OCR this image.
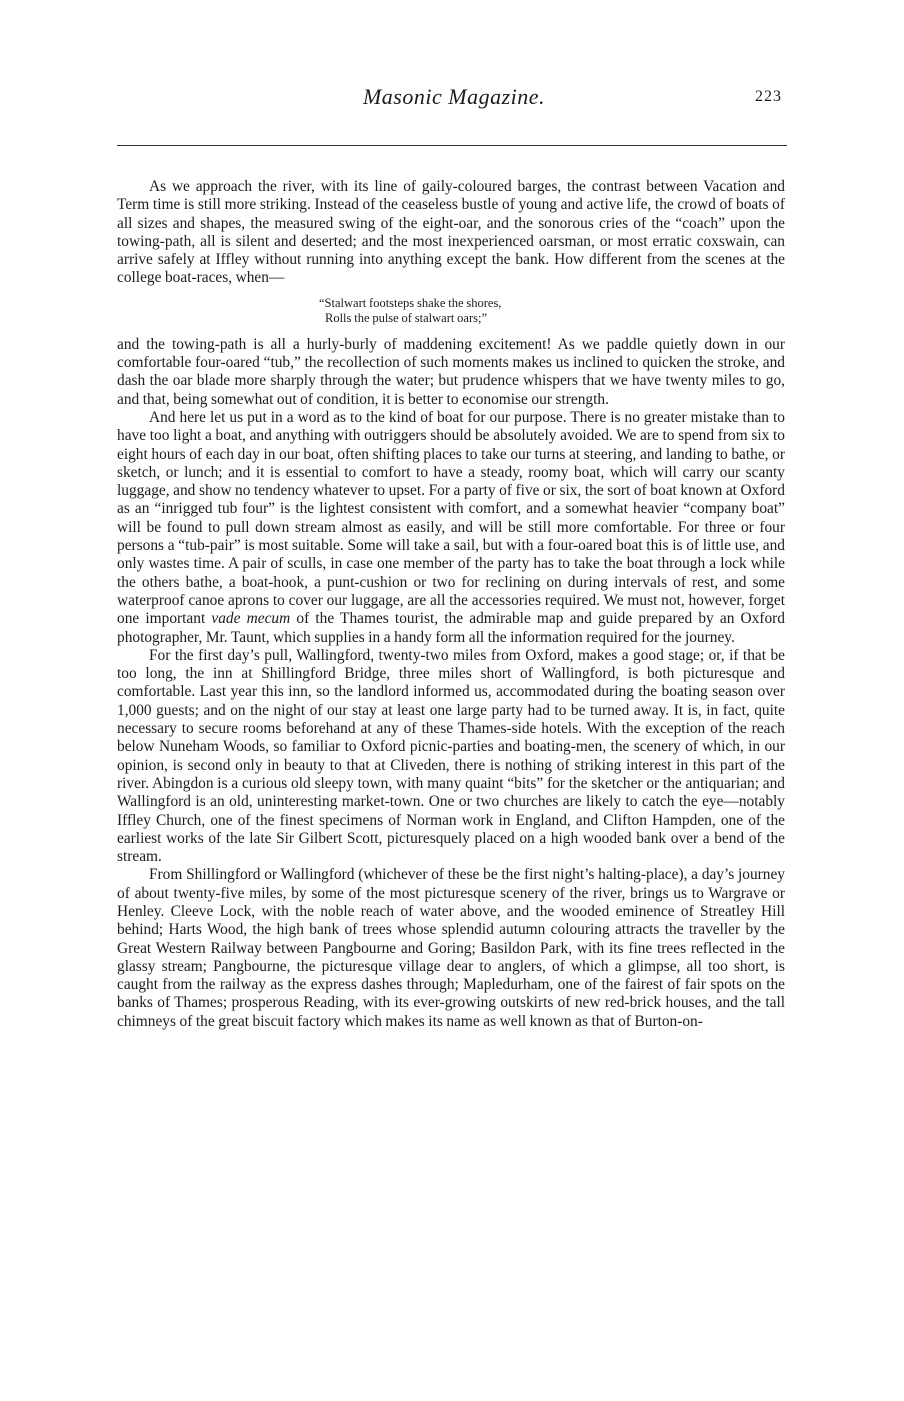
Masonic Magazine.	223

As we approach the river, with its line of gaily-coloured barges, the contrast between Vacation and Term time is still more striking. Instead of the ceaseless bustle of young and active life, the crowd of boats of all sizes and shapes, the measured swing of the eight-oar, and the sonorous cries of the “coach” upon the towing-path, all is silent and deserted; and the most inexperienced oarsman, or most erratic coxswain, can arrive safely at Iffley without running into anything except the bank. How different from the scenes at the college boat-races, when—

“Stalwart footsteps shake the shores,
Rolls the pulse of stalwart oars;”

and the towing-path is all a hurly-burly of maddening excitement! As we paddle quietly down in our comfortable four-oared “tub,” the recollection of such moments makes us inclined to quicken the stroke, and dash the oar blade more sharply through the water; but prudence whispers that we have twenty miles to go, and that, being somewhat out of condition, it is better to economise our strength.

And here let us put in a word as to the kind of boat for our purpose. There is no greater mistake than to have too light a boat, and anything with outriggers should be absolutely avoided. We are to spend from six to eight hours of each day in our boat, often shifting places to take our turns at steering, and landing to bathe, or sketch, or lunch; and it is essential to comfort to have a steady, roomy boat, which will carry our scanty luggage, and show no tendency whatever to upset. For a party of five or six, the sort of boat known at Oxford as an “inrigged tub four” is the lightest consistent with comfort, and a somewhat heavier “company boat” will be found to pull down stream almost as easily, and will be still more comfortable. For three or four persons a “tub-pair” is most suitable. Some will take a sail, but with a four-oared boat this is of little use, and only wastes time. A pair of sculls, in case one member of the party has to take the boat through a lock while the others bathe, a boat-hook, a punt-cushion or two for reclining on during intervals of rest, and some waterproof canoe aprons to cover our luggage, are all the accessories required. We must not, however, forget one important vade mecum of the Thames tourist, the admirable map and guide prepared by an Oxford photographer, Mr. Taunt, which supplies in a handy form all the information required for the journey.

For the first day’s pull, Wallingford, twenty-two miles from Oxford, makes a good stage; or, if that be too long, the inn at Shillingford Bridge, three miles short of Wallingford, is both picturesque and comfortable. Last year this inn, so the landlord informed us, accommodated during the boating season over 1,000 guests; and on the night of our stay at least one large party had to be turned away. It is, in fact, quite necessary to secure rooms beforehand at any of these Thames-side hotels. With the exception of the reach below Nuneham Woods, so familiar to Oxford picnic-parties and boating-men, the scenery of which, in our opinion, is second only in beauty to that at Cliveden, there is nothing of striking interest in this part of the river. Abingdon is a curious old sleepy town, with many quaint “bits” for the sketcher or the antiquarian; and Wallingford is an old, uninteresting market-town. One or two churches are likely to catch the eye—notably Iffley Church, one of the finest specimens of Norman work in England, and Clifton Hampden, one of the earliest works of the late Sir Gilbert Scott, picturesquely placed on a high wooded bank over a bend of the stream.

From Shillingford or Wallingford (whichever of these be the first night’s halting-place), a day’s journey of about twenty-five miles, by some of the most picturesque scenery of the river, brings us to Wargrave or Henley. Cleeve Lock, with the noble reach of water above, and the wooded eminence of Streatley Hill behind; Harts Wood, the high bank of trees whose splendid autumn colouring attracts the traveller by the Great Western Railway between Pangbourne and Goring; Basildon Park, with its fine trees reflected in the glassy stream; Pangbourne, the picturesque village dear to anglers, of which a glimpse, all too short, is caught from the railway as the express dashes through; Mapledurham, one of the fairest of fair spots on the banks of Thames; prosperous Reading, with its ever-growing outskirts of new red-brick houses, and the tall chimneys of the great biscuit factory which makes its name as well known as that of Burton-on-
